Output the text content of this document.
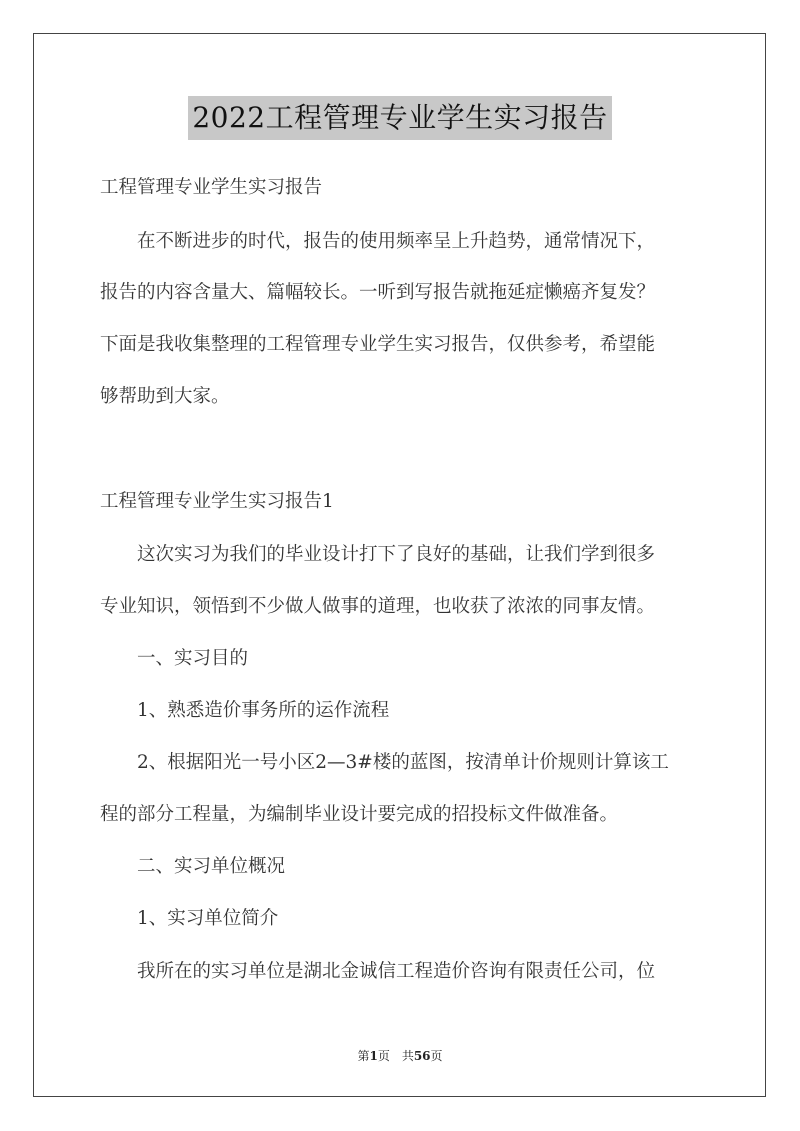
2022工程管理专业学生实习报告
工程管理专业学生实习报告
在不断进步的时代，报告的使用频率呈上升趋势，通常情况下，
报告的内容含量大、篇幅较长。一听到写报告就拖延症懒癌齐复发？
下面是我收集整理的工程管理专业学生实习报告，仅供参考，希望能
够帮助到大家。
工程管理专业学生实习报告1
这次实习为我们的毕业设计打下了良好的基础，让我们学到很多
专业知识，领悟到不少做人做事的道理，也收获了浓浓的同事友情。
一、实习目的
1、熟悉造价事务所的运作流程
2、根据阳光一号小区2—3#楼的蓝图，按清单计价规则计算该工
程的部分工程量，为编制毕业设计要完成的招投标文件做准备。
二、实习单位概况
1、实习单位简介
我所在的实习单位是湖北金诚信工程造价咨询有限责任公司，位
第1页　共56页
